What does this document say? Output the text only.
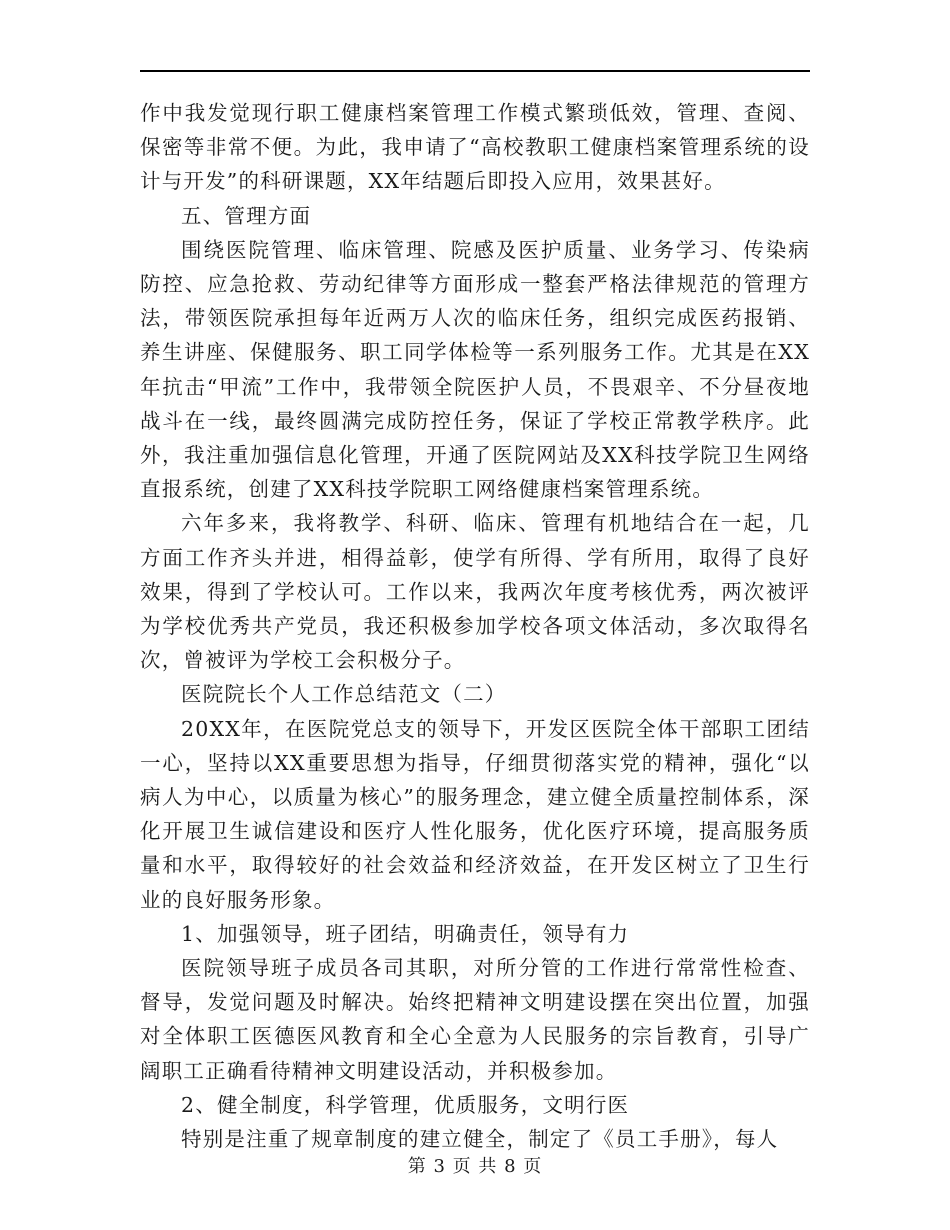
作中我发觉现行职工健康档案管理工作模式繁琐低效，管理、查阅、保密等非常不便。为此，我申请了“高校教职工健康档案管理系统的设计与开发”的科研课题，XX年结题后即投入应用，效果甚好。

五、管理方面

围绕医院管理、临床管理、院感及医护质量、业务学习、传染病防控、应急抢救、劳动纪律等方面形成一整套严格法律规范的管理方法，带领医院承担每年近两万人次的临床任务，组织完成医药报销、养生讲座、保健服务、职工同学体检等一系列服务工作。尤其是在XX年抗击“甲流”工作中，我带领全院医护人员，不畏艰辛、不分昼夜地战斗在一线，最终圆满完成防控任务，保证了学校正常教学秩序。此外，我注重加强信息化管理，开通了医院网站及XX科技学院卫生网络直报系统，创建了XX科技学院职工网络健康档案管理系统。

六年多来，我将教学、科研、临床、管理有机地结合在一起，几方面工作齐头并进，相得益彰，使学有所得、学有所用，取得了良好效果，得到了学校认可。工作以来，我两次年度考核优秀，两次被评为学校优秀共产党员，我还积极参加学校各项文体活动，多次取得名次，曾被评为学校工会积极分子。

医院院长个人工作总结范文（二）

20XX年，在医院党总支的领导下，开发区医院全体干部职工团结一心，坚持以XX重要思想为指导，仔细贯彻落实党的精神，强化“以病人为中心，以质量为核心”的服务理念，建立健全质量控制体系，深化开展卫生诚信建设和医疗人性化服务，优化医疗环境，提高服务质量和水平，取得较好的社会效益和经济效益，在开发区树立了卫生行业的良好服务形象。

1、加强领导，班子团结，明确责任，领导有力

医院领导班子成员各司其职，对所分管的工作进行常常性检查、督导，发觉问题及时解决。始终把精神文明建设摆在突出位置，加强对全体职工医德医风教育和全心全意为人民服务的宗旨教育，引导广阔职工正确看待精神文明建设活动，并积极参加。

2、健全制度，科学管理，优质服务，文明行医

特别是注重了规章制度的建立健全，制定了《员工手册》，每人

第 3 页 共 8 页
